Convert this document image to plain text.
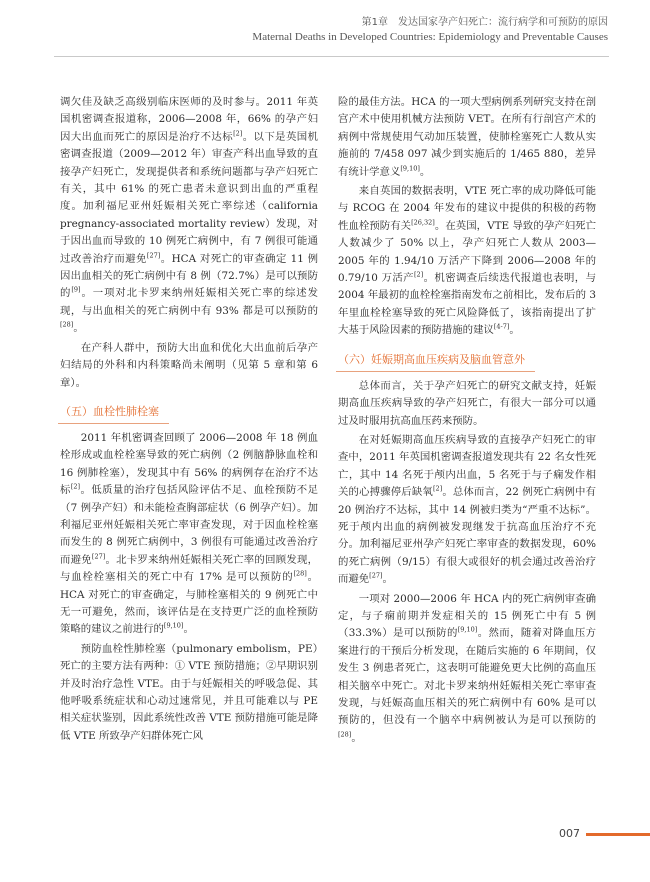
第1章　发达国家孕产妇死亡：流行病学和可预防的原因
Maternal Deaths in Developed Countries: Epidemiology and Preventable Causes

调欠佳及缺乏高级别临床医师的及时参与。2011 年英国机密调查报道称，2006—2008 年，66% 的孕产妇因大出血而死亡的原因是治疗不达标[2]。以下是英国机密调查报道（2009—2012 年）审查产科出血导致的直接孕产妇死亡，发现提供者和系统问题都与孕产妇死亡有关，其中 61% 的死亡患者未意识到出血的严重程度。加利福尼亚州妊娠相关死亡率综述（california pregnancy-associated mortality review）发现，对于因出血而导致的 10 例死亡病例中，有 7 例很可能通过改善治疗而避免[27]。HCA 对死亡的审查确定 11 例因出血相关的死亡病例中有 8 例（72.7%）是可以预防的[9]。一项对北卡罗来纳州妊娠相关死亡率的综述发现，与出血相关的死亡病例中有 93% 都是可以预防的[28]。

在产科人群中，预防大出血和优化大出血前后孕产妇结局的外科和内科策略尚未阐明（见第 5 章和第 6 章）。

（五）血栓性肺栓塞

2011 年机密调查回顾了 2006—2008 年 18 例血栓形成或血栓栓塞导致的死亡病例（2 例脑静脉血栓和 16 例肺栓塞），发现其中有 56% 的病例存在治疗不达标[2]。低质量的治疗包括风险评估不足、血栓预防不足（7 例孕产妇）和未能检查胸部症状（6 例孕产妇）。加利福尼亚州妊娠相关死亡率审查发现，对于因血栓栓塞而发生的 8 例死亡病例中，3 例很有可能通过改善治疗而避免[27]。北卡罗来纳州妊娠相关死亡率的回顾发现，与血栓栓塞相关的死亡中有 17% 是可以预防的[28]。HCA 对死亡的审查确定，与肺栓塞相关的 9 例死亡中无一可避免，然而，该评估是在支持更广泛的血栓预防策略的建议之前进行的[9,10]。

预防血栓性肺栓塞（pulmonary embolism，PE）死亡的主要方法有两种：① VTE 预防措施；②早期识别并及时治疗急性 VTE。由于与妊娠相关的呼吸急促、其他呼吸系统症状和心动过速常见，并且可能难以与 PE 相关症状鉴别，因此系统性改善 VTE 预防措施可能是降低 VTE 所致孕产妇群体死亡风

险的最佳方法。HCA 的一项大型病例系列研究支持在剖宫产术中使用机械方法预防 VET。在所有行剖宫产术的病例中常规使用气动加压装置，使肺栓塞死亡人数从实施前的 7/458 097 减少到实施后的 1/465 880，差异有统计学意义[9,10]。

来自英国的数据表明，VTE 死亡率的成功降低可能与 RCOG 在 2004 年发布的建议中提供的积极的药物性血栓预防有关[26,32]。在英国，VTE 导致的孕产妇死亡人数减少了 50% 以上，孕产妇死亡人数从 2003—2005 年的 1.94/10 万活产下降到 2006—2008 年的 0.79/10 万活产[2]。机密调查后续迭代报道也表明，与 2004 年最初的血栓栓塞指南发布之前相比，发布后的 3 年里血栓栓塞导致的死亡风险降低了，该指南提出了扩大基于风险因素的预防措施的建议[4-7]。

（六）妊娠期高血压疾病及脑血管意外

总体而言，关于孕产妇死亡的研究文献支持，妊娠期高血压疾病导致的孕产妇死亡，有很大一部分可以通过及时服用抗高血压药来预防。

在对妊娠期高血压疾病导致的直接孕产妇死亡的审查中，2011 年英国机密调查报道发现共有 22 名女性死亡，其中 14 名死于颅内出血，5 名死于与子痫发作相关的心搏骤停后缺氧[2]。总体而言，22 例死亡病例中有 20 例治疗不达标，其中 14 例被归类为“严重不达标”。死于颅内出血的病例被发现继发于抗高血压治疗不充分。加利福尼亚州孕产妇死亡率审查的数据发现，60% 的死亡病例（9/15）有很大或很好的机会通过改善治疗而避免[27]。

一项对 2000—2006 年 HCA 内的死亡病例审查确定，与子痫前期并发症相关的 15 例死亡中有 5 例（33.3%）是可以预防的[9,10]。然而，随着对降血压方案进行的干预后分析发现，在随后实施的 6 年期间，仅发生 3 例患者死亡，这表明可能避免更大比例的高血压相关脑卒中死亡。对北卡罗来纳州妊娠相关死亡率审查发现，与妊娠高血压相关的死亡病例中有 60% 是可以预防的，但没有一个脑卒中病例被认为是可以预防的[28]。

007
